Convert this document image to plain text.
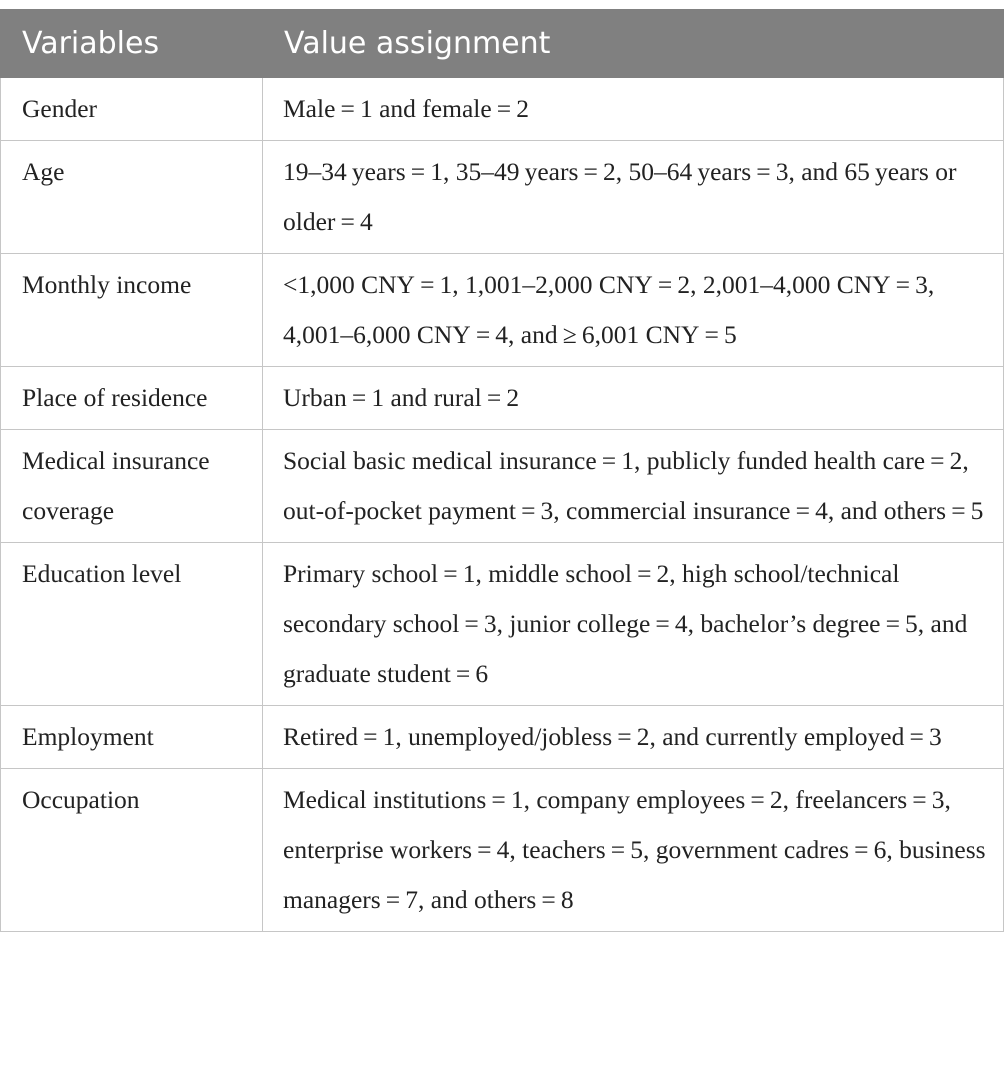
Variables	Value assignment
Gender	Male = 1 and female = 2
Age	19–34 years = 1, 35–49 years = 2, 50–64 years = 3, and 65 years or older = 4
Monthly income	<1,000 CNY = 1, 1,001–2,000 CNY = 2, 2,001–4,000 CNY = 3, 4,001–6,000 CNY = 4, and ≥ 6,001 CNY = 5
Place of residence	Urban = 1 and rural = 2
Medical insurance coverage	Social basic medical insurance = 1, publicly funded health care = 2, out-of-pocket payment = 3, commercial insurance = 4, and others = 5
Education level	Primary school = 1, middle school = 2, high school/technical secondary school = 3, junior college = 4, bachelor’s degree = 5, and graduate student = 6
Employment	Retired = 1, unemployed/jobless = 2, and currently employed = 3
Occupation	Medical institutions = 1, company employees = 2, freelancers = 3, enterprise workers = 4, teachers = 5, government cadres = 6, business managers = 7, and others = 8
